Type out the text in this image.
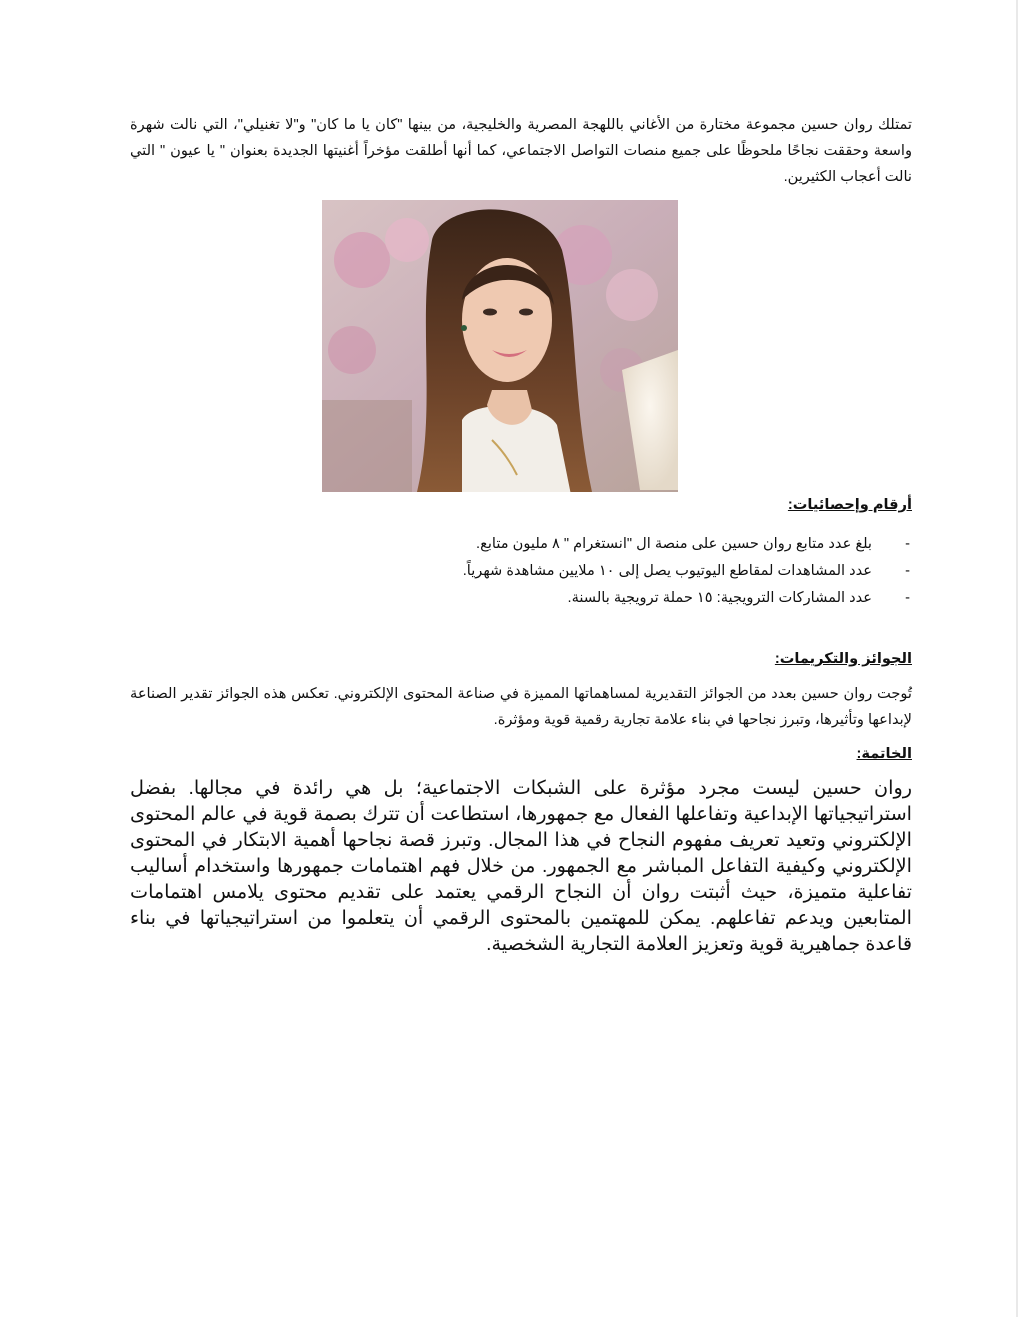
تمتلك روان حسين مجموعة مختارة من الأغاني باللهجة المصرية والخليجية، من بينها "كان يا ما كان" و"لا تغنيلي"، التي نالت شهرة واسعة وحققت نجاحًا ملحوظًا على جميع منصات التواصل الاجتماعي، كما أنها أطلقت مؤخراً أغنيتها الجديدة بعنوان " يا عيون " التي نالت أعجاب الكثيرين.

أرقام وإحصائيات:

-
بلغ عدد متابع روان حسين على منصة ال "انستغرام " ٨ مليون متابع.
-
عدد المشاهدات لمقاطع اليوتيوب يصل إلى ١٠ ملايين مشاهدة شهرياً.
-
عدد المشاركات الترويجية: ١٥ حملة ترويجية بالسنة.

الجوائز والتكريمات:

تُوجت روان حسين بعدد من الجوائز التقديرية لمساهماتها المميزة في صناعة المحتوى الإلكتروني. تعكس هذه الجوائز تقدير الصناعة لإبداعها وتأثيرها، وتبرز نجاحها في بناء علامة تجارية رقمية قوية ومؤثرة.

الخاتمة:

روان حسين ليست مجرد مؤثرة على الشبكات الاجتماعية؛ بل هي رائدة في مجالها. بفضل استراتيجياتها الإبداعية وتفاعلها الفعال مع جمهورها، استطاعت أن تترك بصمة قوية في عالم المحتوى الإلكتروني وتعيد تعريف مفهوم النجاح في هذا المجال. وتبرز قصة نجاحها أهمية الابتكار في المحتوى الإلكتروني وكيفية التفاعل المباشر مع الجمهور. من خلال فهم اهتمامات جمهورها واستخدام أساليب تفاعلية متميزة، حيث أثبتت روان أن النجاح الرقمي يعتمد على تقديم محتوى يلامس اهتمامات المتابعين ويدعم تفاعلهم. يمكن للمهتمين بالمحتوى الرقمي أن يتعلموا من استراتيجياتها في بناء قاعدة جماهيرية قوية وتعزيز العلامة التجارية الشخصية.
